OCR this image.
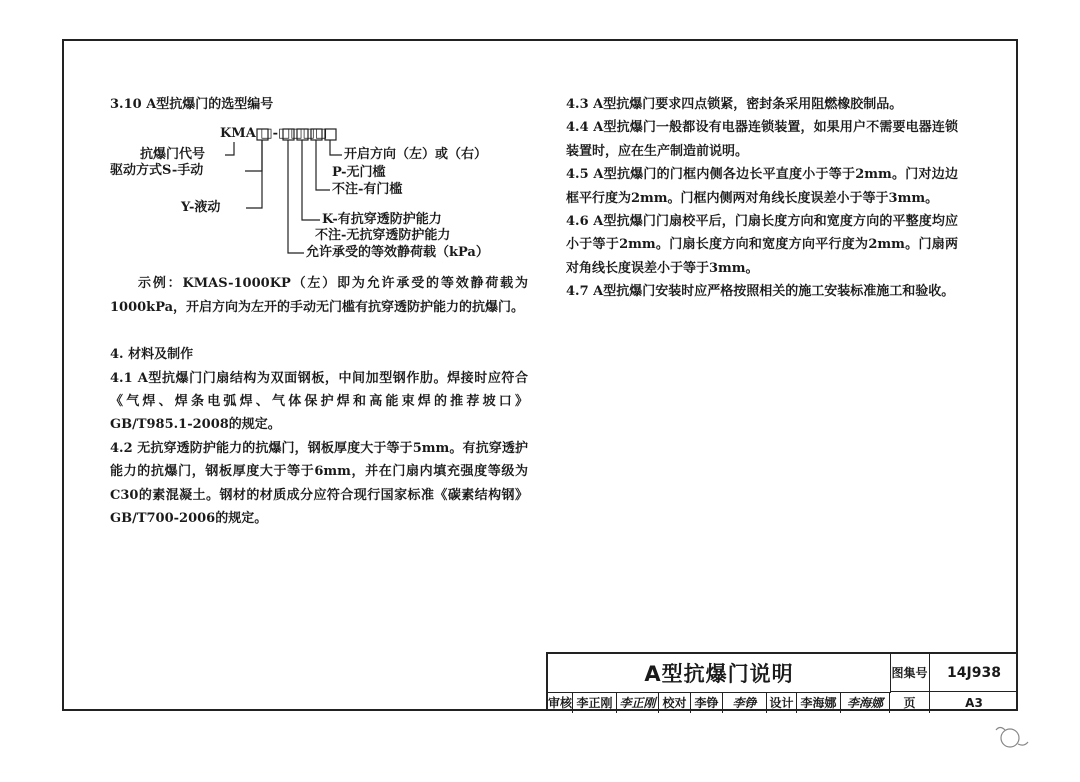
3.10 A型抗爆门的选型编号

KMA □-□□□□
开启方向（左）或（右）
抗爆门代号
P-无门槛
驱动方式S-手动
不注-有门槛
Y-液动
K-有抗穿透防护能力
不注-无抗穿透防护能力
允许承受的等效静荷载（kPa）

示例：KMAS-1000KP（左）即为允许承受的等效静荷载为1000kPa，开启方向为左开的手动无门槛有抗穿透防护能力的抗爆门。

4. 材料及制作

4.1 A型抗爆门门扇结构为双面钢板，中间加型钢作肋。焊接时应符合《气焊、焊条电弧焊、气体保护焊和高能束焊的推荐坡口》GB/T985.1-2008的规定。

4.2 无抗穿透防护能力的抗爆门，钢板厚度大于等于5mm。有抗穿透护能力的抗爆门，钢板厚度大于等于6mm，并在门扇内填充强度等级为C30的素混凝土。钢材的材质成分应符合现行国家标准《碳素结构钢》GB/T700-2006的规定。

4.3 A型抗爆门要求四点锁紧，密封条采用阻燃橡胶制品。

4.4 A型抗爆门一般都设有电器连锁装置，如果用户不需要电器连锁装置时，应在生产制造前说明。

4.5 A型抗爆门的门框内侧各边长平直度小于等于2mm。门对边边框平行度为2mm。门框内侧两对角线长度误差小于等于3mm。

4.6 A型抗爆门门扇校平后，门扇长度方向和宽度方向的平整度均应小于等于2mm。门扇长度方向和宽度方向平行度为2mm。门扇两对角线长度误差小于等于3mm。

4.7 A型抗爆门安装时应严格按照相关的施工安装标准施工和验收。

A型抗爆门说明	图集号	14J938
审核 李正刚 李正刚 校对 李铮	李铮	设计 李海娜 李海娜	页	A3
